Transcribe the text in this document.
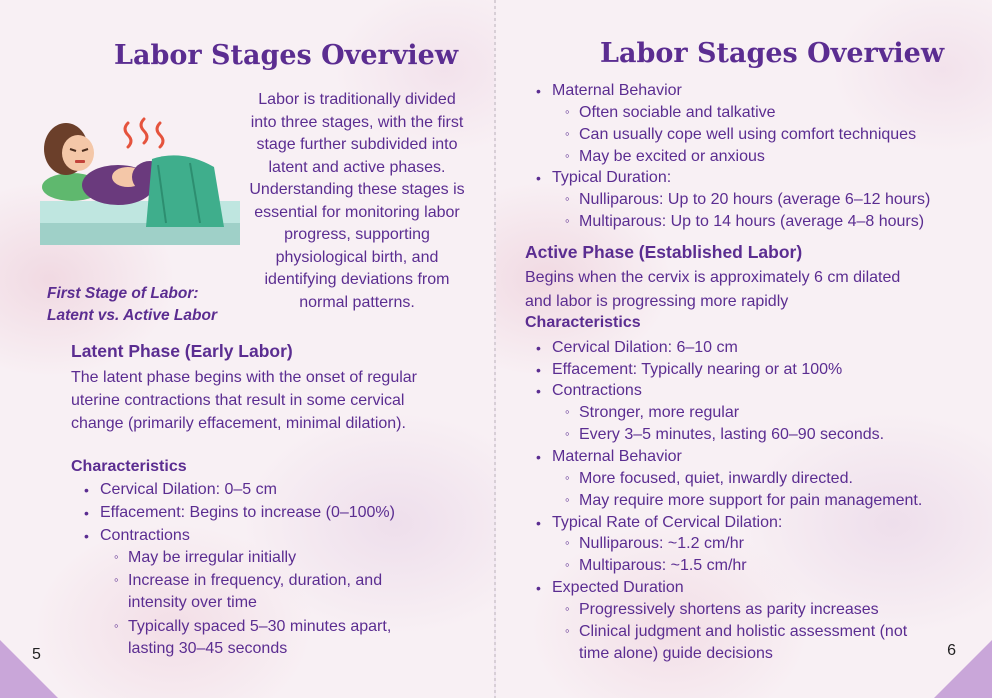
Labor Stages Overview
Labor is traditionally divided into three stages, with the first stage further subdivided into latent and active phases. Understanding these stages is essential for monitoring labor progress, supporting physiological birth, and identifying deviations from normal patterns.
First Stage of Labor:
Latent vs. Active Labor
Latent Phase (Early Labor)
The latent phase begins with the onset of regular uterine contractions that result in some cervical change (primarily effacement, minimal dilation).
Characteristics
• Cervical Dilation: 0–5 cm
• Effacement: Begins to increase (0–100%)
• Contractions
◦ May be irregular initially
◦ Increase in frequency, duration, and
intensity over time
◦ Typically spaced 5–30 minutes apart,
lasting 30–45 seconds
5
Labor Stages Overview
• Maternal Behavior
◦ Often sociable and talkative
◦ Can usually cope well using comfort techniques
◦ May be excited or anxious
• Typical Duration:
◦ Nulliparous: Up to 20 hours (average 6–12 hours)
◦ Multiparous: Up to 14 hours (average 4–8 hours)
Active Phase (Established Labor)
Begins when the cervix is approximately 6 cm dilated
and labor is progressing more rapidly
Characteristics
• Cervical Dilation: 6–10 cm
• Effacement: Typically nearing or at 100%
• Contractions
◦ Stronger, more regular
◦ Every 3–5 minutes, lasting 60–90 seconds.
• Maternal Behavior
◦ More focused, quiet, inwardly directed.
◦ May require more support for pain management.
• Typical Rate of Cervical Dilation:
◦ Nulliparous: ~1.2 cm/hr
◦ Multiparous: ~1.5 cm/hr
• Expected Duration
◦ Progressively shortens as parity increases
◦ Clinical judgment and holistic assessment (not
time alone) guide decisions	6
